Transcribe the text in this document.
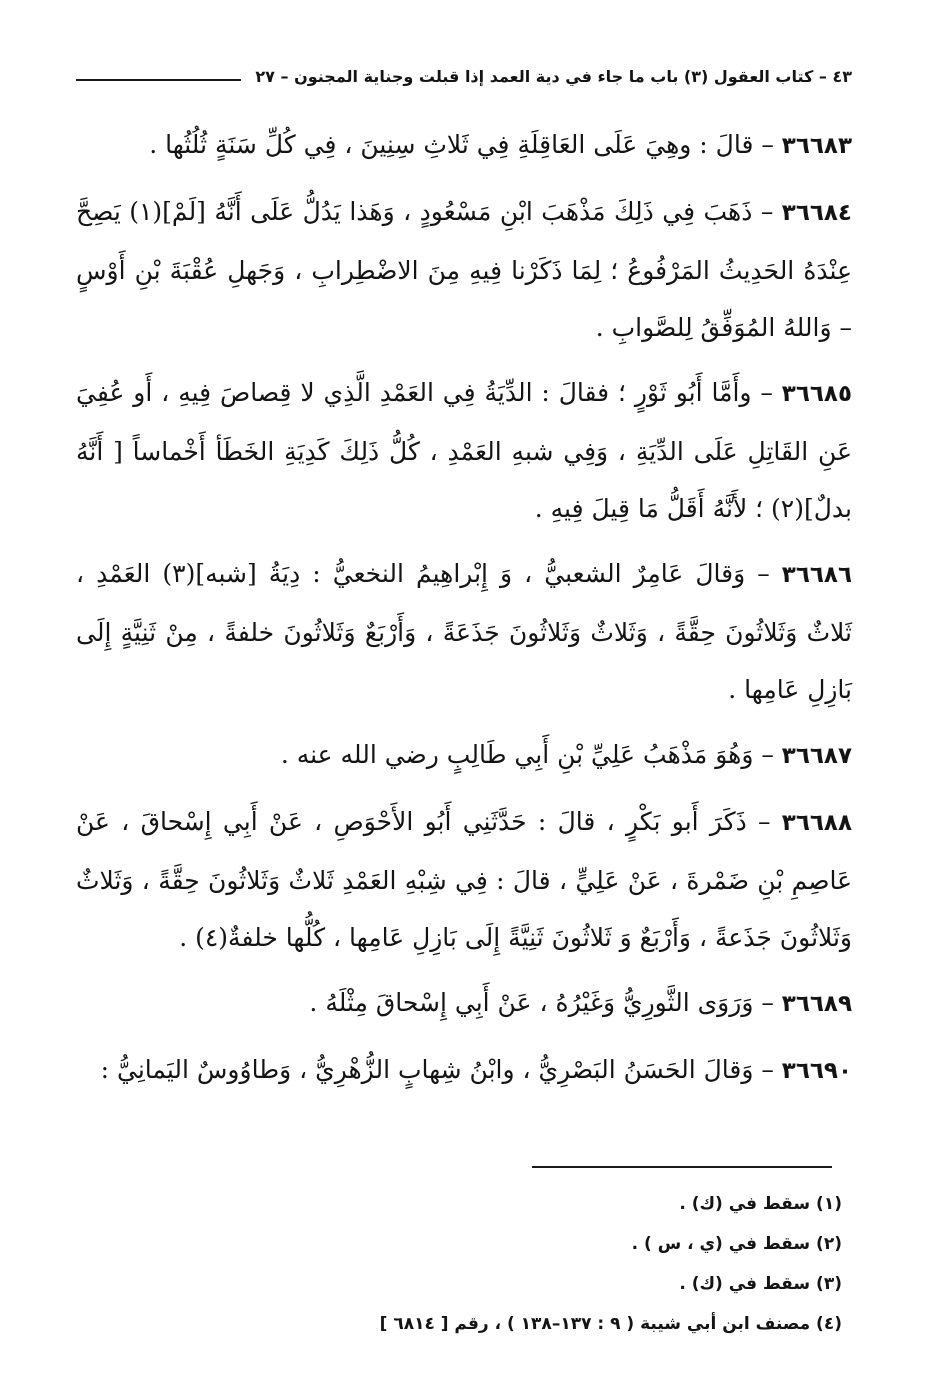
٤٣ – كتاب العقول (٣) باب ما جاء في دية العمد إذا قبلت وجناية المجنون – ٢٧

٣٦٦٨٣ – قالَ : وهِيَ عَلَى العَاقِلَةِ فِي ثَلاثِ سِنِينَ ، فِي كُلِّ سَنَةٍ ثُلُثُها .

٣٦٦٨٤ – ذَهَبَ فِي ذَلِكَ مَذْهَبَ ابْنِ مَسْعُودٍ ، وَهَذا يَدُلُّ عَلَى أَنَّهُ [لَمْ](١) يَصِحَّ عِنْدَهُ الحَدِيثُ المَرْفُوعُ ؛ لِمَا ذَكَرْنا فِيهِ مِنَ الاضْطِرابِ ، وَجَهلِ عُقْبَةَ بْنِ أَوْسٍ – وَاللهُ المُوَفِّقُ لِلصَّوابِ .

٣٦٦٨٥ – وأَمَّا أَبُو ثَوْرٍ ؛ فقالَ : الدِّيَةُ فِي العَمْدِ الَّذِي لا قِصاصَ فِيهِ ، أَو عُفِيَ عَنِ القَاتِلِ عَلَى الدِّيَةِ ، وَفِي شبهِ العَمْدِ ، كُلُّ ذَلِكَ كَدِيَةِ الخَطَأ أَخْماساً [ أَنَّهُ بدلٌ](٢) ؛ لأَنَّهُ أَقَلُّ مَا قِيلَ فِيهِ .

٣٦٦٨٦ – وَقالَ عَامِرٌ الشعبيُّ ، وَ إِبْراهِيمُ النخعيُّ : دِيَةُ [شبه](٣) العَمْدِ ، ثَلاثٌ وَثَلاثُونَ حِقَّةً ، وَثَلاثٌ وَثَلاثُونَ جَذَعَةً ، وَأَرْبَعٌ وَثَلاثُونَ خلفةً ، مِنْ ثَنِيَّةٍ إِلَى بَازِلِ عَامِها .

٣٦٦٨٧ – وَهُوَ مَذْهَبُ عَلِيِّ بْنِ أَبِي طَالِبٍ رضي الله عنه .

٣٦٦٨٨ – ذَكَرَ أَبو بَكْرٍ ، قالَ : حَدَّثَنِي أَبُو الأَحْوَصِ ، عَنْ أَبِي إِسْحاقَ ، عَنْ عَاصِمِ بْنِ ضَمْرةَ ، عَنْ عَلِيٍّ ، قالَ : فِي شِبْهِ العَمْدِ ثَلاثٌ وَثَلاثُونَ حِقَّةً ، وَثَلاثٌ وَثَلاثُونَ جَذَعةً ، وَأَرْبَعٌ وَ ثَلاثُونَ ثَنِيَّةً إِلَى بَازِلِ عَامِها ، كُلُّها خلفةٌ(٤) .

٣٦٦٨٩ – وَرَوَى الثَّورِيُّ وَغَيْرُهُ ، عَنْ أَبِي إِسْحاقَ مِثْلَهُ .

٣٦٦٩٠ – وَقالَ الحَسَنُ البَصْرِيُّ ، وابْنُ شِهابٍ الزُّهْرِيُّ ، وَطاوُوسٌ اليَمانِيُّ :

(١) سقط في (ك) .
(٢) سقط في (ي ، س ) .
(٣) سقط في (ك) .
(٤) مصنف ابن أبي شيبة ( ٩ : ١٣٧–١٣٨ ) ، رقم [ ٦٨١٤ ]
